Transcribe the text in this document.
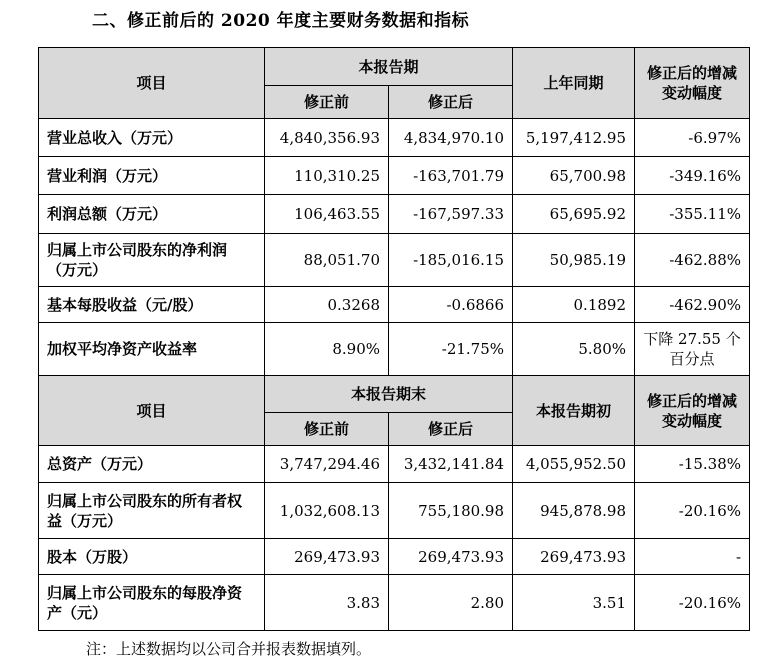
二、修正前后的 2020 年度主要财务数据和指标
项目	本报告期		上年同期	修正后的增减变动幅度
	修正前	修正后		
营业总收入（万元）	4,840,356.93	4,834,970.10	5,197,412.95	-6.97%
营业利润（万元）	110,310.25	-163,701.79	65,700.98	-349.16%
利润总额（万元）	106,463.55	-167,597.33	65,695.92	-355.11%
归属上市公司股东的净利润（万元）	88,051.70	-185,016.15	50,985.19	-462.88%
基本每股收益（元/股）	0.3268	-0.6866	0.1892	-462.90%
加权平均净资产收益率	8.90%	-21.75%	5.80%	下降 27.55 个百分点
项目	本报告期末		本报告期初	修正后的增减变动幅度
	修正前	修正后		
总资产（万元）	3,747,294.46	3,432,141.84	4,055,952.50	-15.38%
归属上市公司股东的所有者权益（万元）	1,032,608.13	755,180.98	945,878.98	-20.16%
股本（万股）	269,473.93	269,473.93	269,473.93	-
归属上市公司股东的每股净资产（元）	3.83	2.80	3.51	-20.16%
注：上述数据均以公司合并报表数据填列。
